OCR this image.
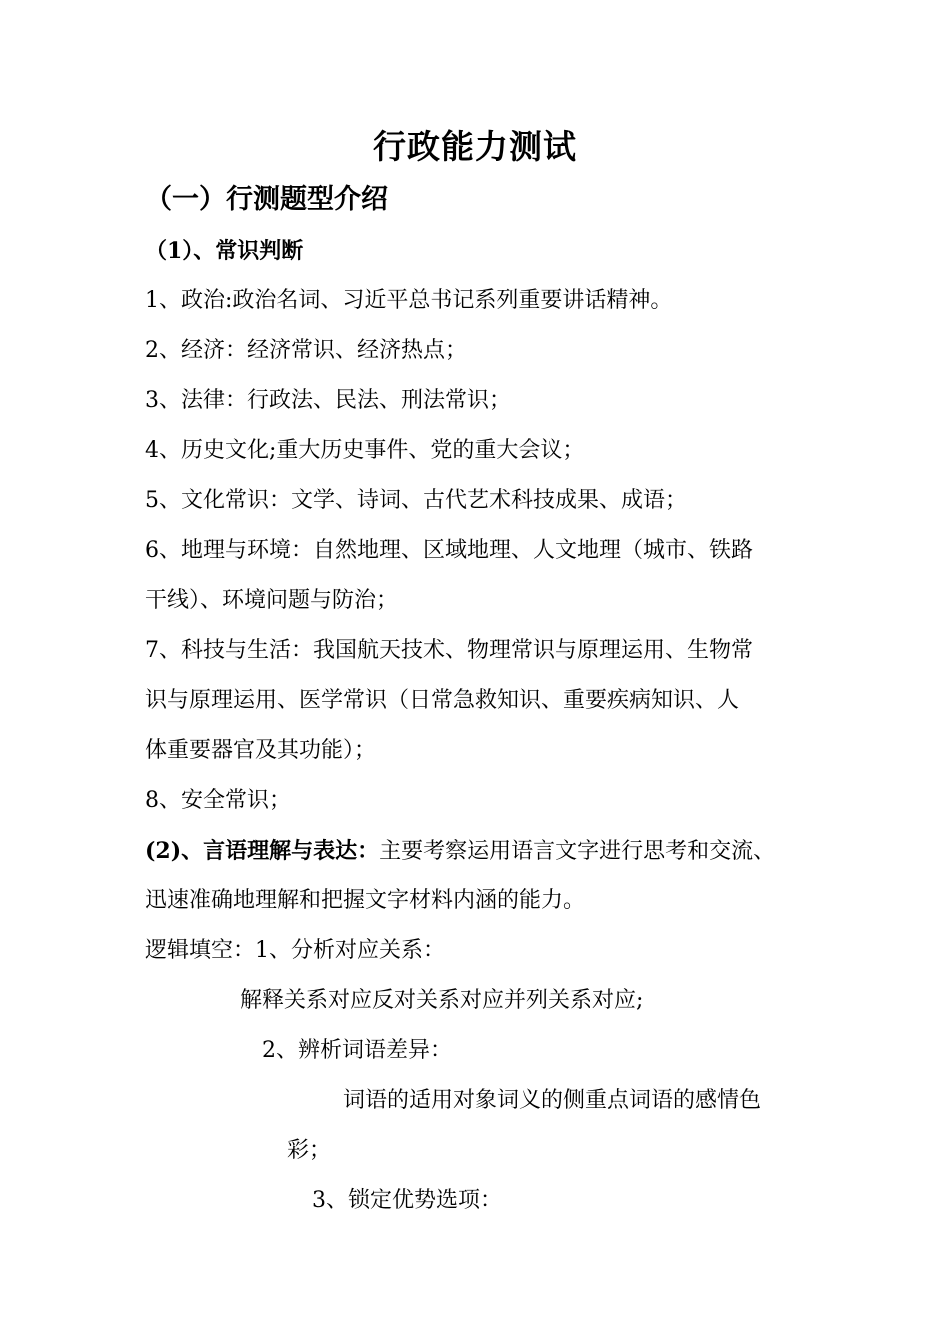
行政能力测试
（一）行测题型介绍
（1）、常识判断
1、政治:政治名词、习近平总书记系列重要讲话精神。
2、经济：经济常识、经济热点；
3、法律：行政法、民法、刑法常识；
4、历史文化;重大历史事件、党的重大会议；
5、文化常识：文学、诗词、古代艺术科技成果、成语；
6、地理与环境：自然地理、区域地理、人文地理（城市、铁路
干线）、环境问题与防治；
7、科技与生活：我国航天技术、物理常识与原理运用、生物常
识与原理运用、医学常识（日常急救知识、重要疾病知识、人
体重要器官及其功能）；
8、安全常识；
(2)、言语理解与表达：主要考察运用语言文字进行思考和交流、
迅速准确地理解和把握文字材料内涵的能力。
逻辑填空：1、分析对应关系：
解释关系对应反对关系对应并列关系对应;
2、辨析词语差异：
词语的适用对象词义的侧重点词语的感情色
彩；
3、锁定优势选项：
